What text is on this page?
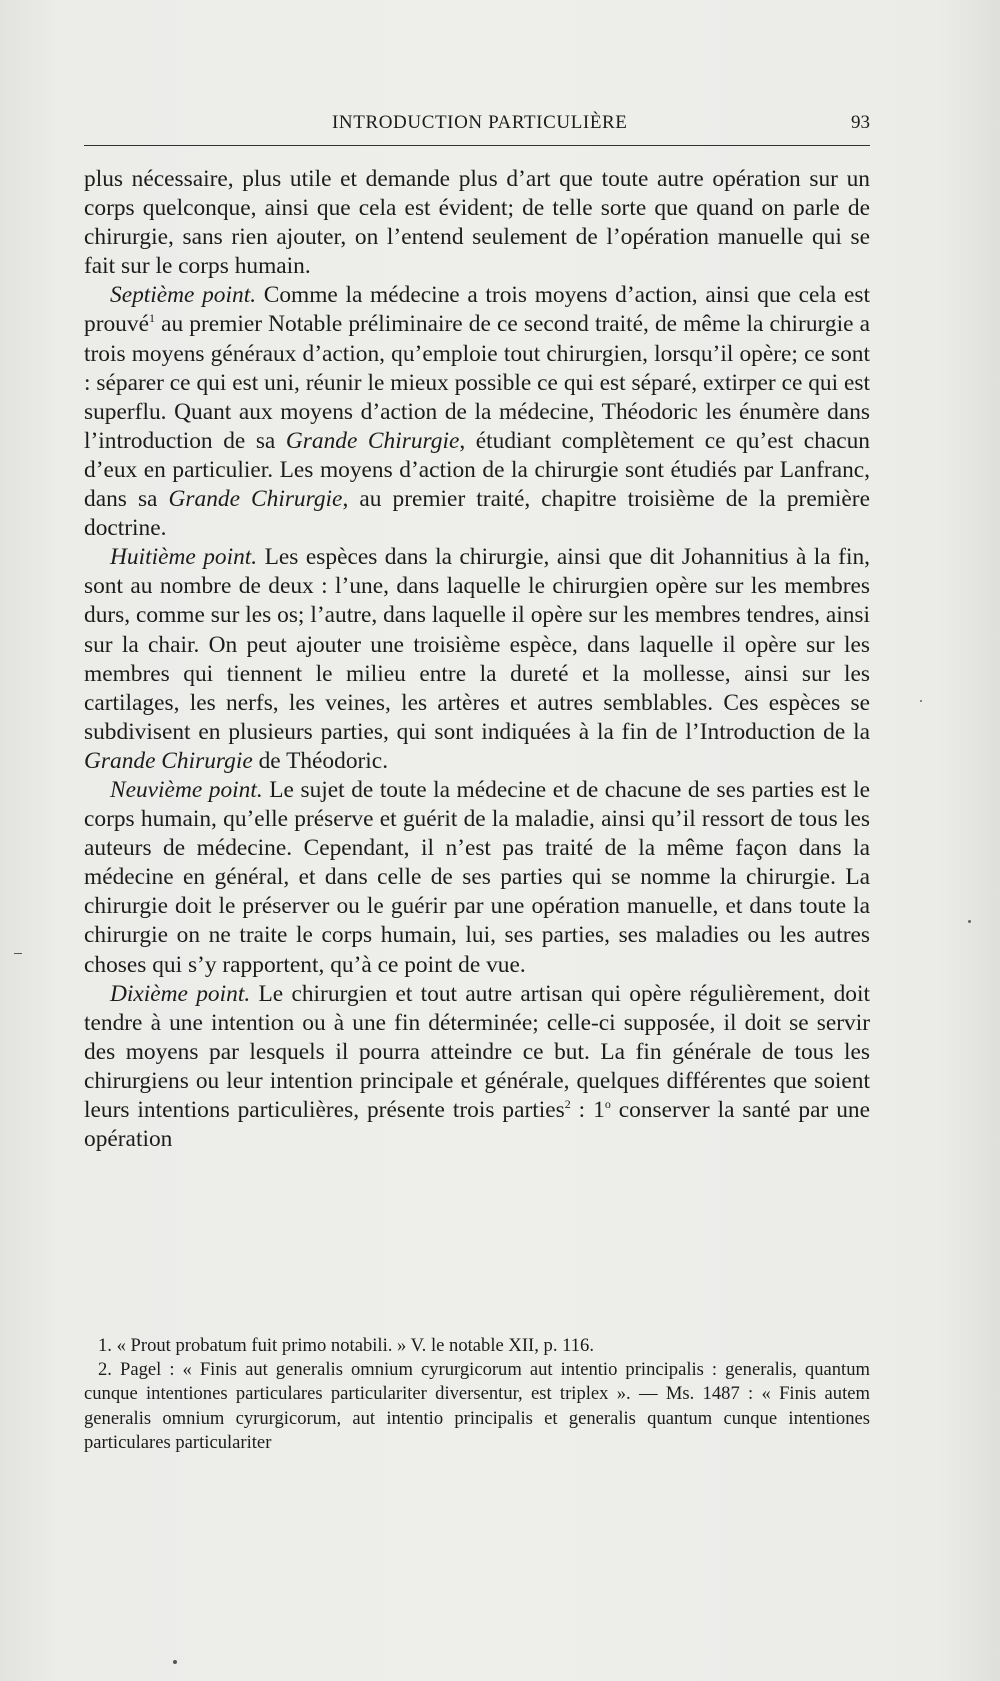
INTRODUCTION PARTICULIÈRE	93

plus nécessaire, plus utile et demande plus d’art que toute autre opération sur un corps quelconque, ainsi que cela est évident; de telle sorte que quand on parle de chirurgie, sans rien ajouter, on l’entend seulement de l’opération manuelle qui se fait sur le corps humain.

Septième point. Comme la médecine a trois moyens d’action, ainsi que cela est prouvé$^1$ au premier Notable préliminaire de ce second traité, de même la chirurgie a trois moyens généraux d’action, qu’emploie tout chirurgien, lorsqu’il opère; ce sont : séparer ce qui est uni, réunir le mieux possible ce qui est séparé, extirper ce qui est superflu. Quant aux moyens d’action de la médecine, Théodoric les énumère dans l’introduction de sa Grande Chirurgie, étudiant complètement ce qu’est chacun d’eux en particulier. Les moyens d’action de la chirurgie sont étudiés par Lanfranc, dans sa Grande Chirurgie, au premier traité, chapitre troisième de la première doctrine.

Huitième point. Les espèces dans la chirurgie, ainsi que dit Johannitius à la fin, sont au nombre de deux : l’une, dans laquelle le chirurgien opère sur les membres durs, comme sur les os; l’autre, dans laquelle il opère sur les membres tendres, ainsi sur la chair. On peut ajouter une troisième espèce, dans laquelle il opère sur les membres qui tiennent le milieu entre la dureté et la mollesse, ainsi sur les cartilages, les nerfs, les veines, les artères et autres semblables. Ces espèces se subdivisent en plusieurs parties, qui sont indiquées à la fin de l’Introduction de la Grande Chirurgie de Théodoric.

Neuvième point. Le sujet de toute la médecine et de chacune de ses parties est le corps humain, qu’elle préserve et guérit de la maladie, ainsi qu’il ressort de tous les auteurs de médecine. Cependant, il n’est pas traité de la même façon dans la médecine en général, et dans celle de ses parties qui se nomme la chirurgie. La chirurgie doit le préserver ou le guérir par une opération manuelle, et dans toute la chirurgie on ne traite le corps humain, lui, ses parties, ses maladies ou les autres choses qui s’y rapportent, qu’à ce point de vue.

Dixième point. Le chirurgien et tout autre artisan qui opère régulièrement, doit tendre à une intention ou à une fin déterminée; celle-ci supposée, il doit se servir des moyens par lesquels il pourra atteindre ce but. La fin générale de tous les chirurgiens ou leur intention principale et générale, quelques différentes que soient leurs intentions particulières, présente trois parties$^2$ : 1$^o$ conserver la santé par une opération

1. « Prout probatum fuit primo notabili. » V. le notable XII, p. 116.

2. Pagel : « Finis aut generalis omnium cyrurgicorum aut intentio principalis : generalis, quantum cunque intentiones particulares particulariter diversentur, est triplex ». — Ms. 1487 : « Finis autem generalis omnium cyrurgicorum, aut intentio principalis et generalis quantum cunque intentiones particulares particulariter
